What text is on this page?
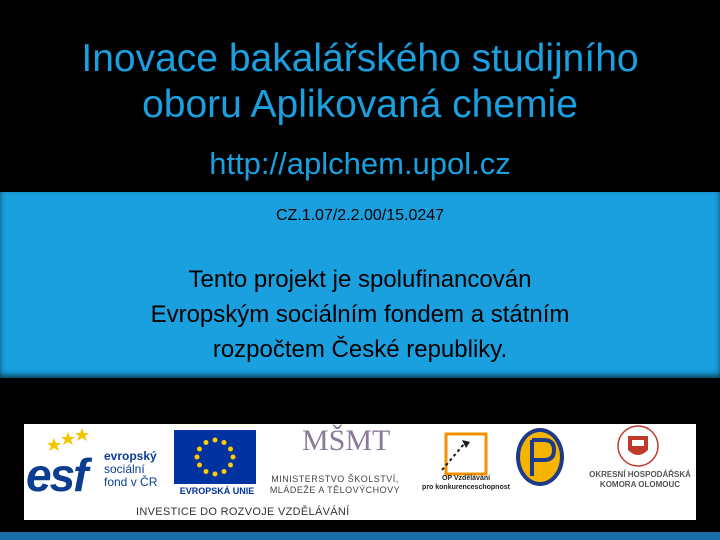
Inovace bakalářského studijního
oboru Aplikovaná chemie
http://aplchem.upol.cz
CZ.1.07/2.2.00/15.0247
Tento projekt je spolufinancován
Evropským sociálním fondem a státním
rozpočtem České republiky.
esf evropský
sociální
fond v ČR
EVROPSKÁ UNIE
MŠMT
MINISTERSTVO ŠKOLSTVÍ,
MLÁDEŽE A TĚLOVÝCHOVY
OP Vzdělávání
pro konkurenceschopnost
OKRESNÍ HOSPODÁŘSKÁ
KOMORA OLOMOUC
INVESTICE DO ROZVOJE VZDĚLÁVÁNÍ
